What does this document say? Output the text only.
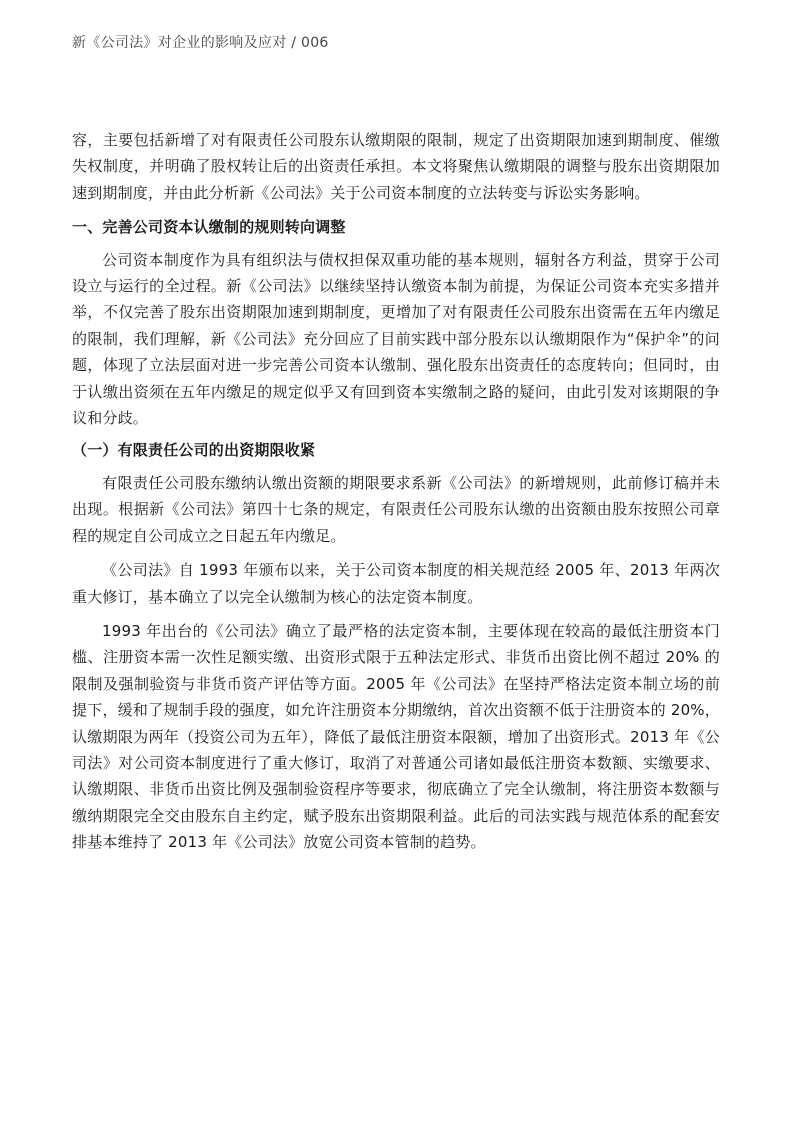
新《公司法》对企业的影响及应对 / 006

容，主要包括新增了对有限责任公司股东认缴期限的限制，规定了出资期限加速到期制度、催缴失权制度，并明确了股权转让后的出资责任承担。本文将聚焦认缴期限的调整与股东出资期限加速到期制度，并由此分析新《公司法》关于公司资本制度的立法转变与诉讼实务影响。

一、完善公司资本认缴制的规则转向调整

公司资本制度作为具有组织法与债权担保双重功能的基本规则，辐射各方利益，贯穿于公司设立与运行的全过程。新《公司法》以继续坚持认缴资本制为前提，为保证公司资本充实多措并举，不仅完善了股东出资期限加速到期制度，更增加了对有限责任公司股东出资需在五年内缴足的限制，我们理解，新《公司法》充分回应了目前实践中部分股东以认缴期限作为“保护伞”的问题，体现了立法层面对进一步完善公司资本认缴制、强化股东出资责任的态度转向；但同时，由于认缴出资须在五年内缴足的规定似乎又有回到资本实缴制之路的疑问，由此引发对该期限的争议和分歧。

（一）有限责任公司的出资期限收紧

有限责任公司股东缴纳认缴出资额的期限要求系新《公司法》的新增规则，此前修订稿并未出现。根据新《公司法》第四十七条的规定，有限责任公司股东认缴的出资额由股东按照公司章程的规定自公司成立之日起五年内缴足。

《公司法》自 1993 年颁布以来，关于公司资本制度的相关规范经 2005 年、2013 年两次重大修订，基本确立了以完全认缴制为核心的法定资本制度。

1993 年出台的《公司法》确立了最严格的法定资本制，主要体现在较高的最低注册资本门槛、注册资本需一次性足额实缴、出资形式限于五种法定形式、非货币出资比例不超过 20% 的限制及强制验资与非货币资产评估等方面。2005 年《公司法》在坚持严格法定资本制立场的前提下，缓和了规制手段的强度，如允许注册资本分期缴纳，首次出资额不低于注册资本的 20%，认缴期限为两年（投资公司为五年），降低了最低注册资本限额，增加了出资形式。2013 年《公司法》对公司资本制度进行了重大修订，取消了对普通公司诸如最低注册资本数额、实缴要求、认缴期限、非货币出资比例及强制验资程序等要求，彻底确立了完全认缴制，将注册资本数额与缴纳期限完全交由股东自主约定，赋予股东出资期限利益。此后的司法实践与规范体系的配套安排基本维持了 2013 年《公司法》放宽公司资本管制的趋势。
